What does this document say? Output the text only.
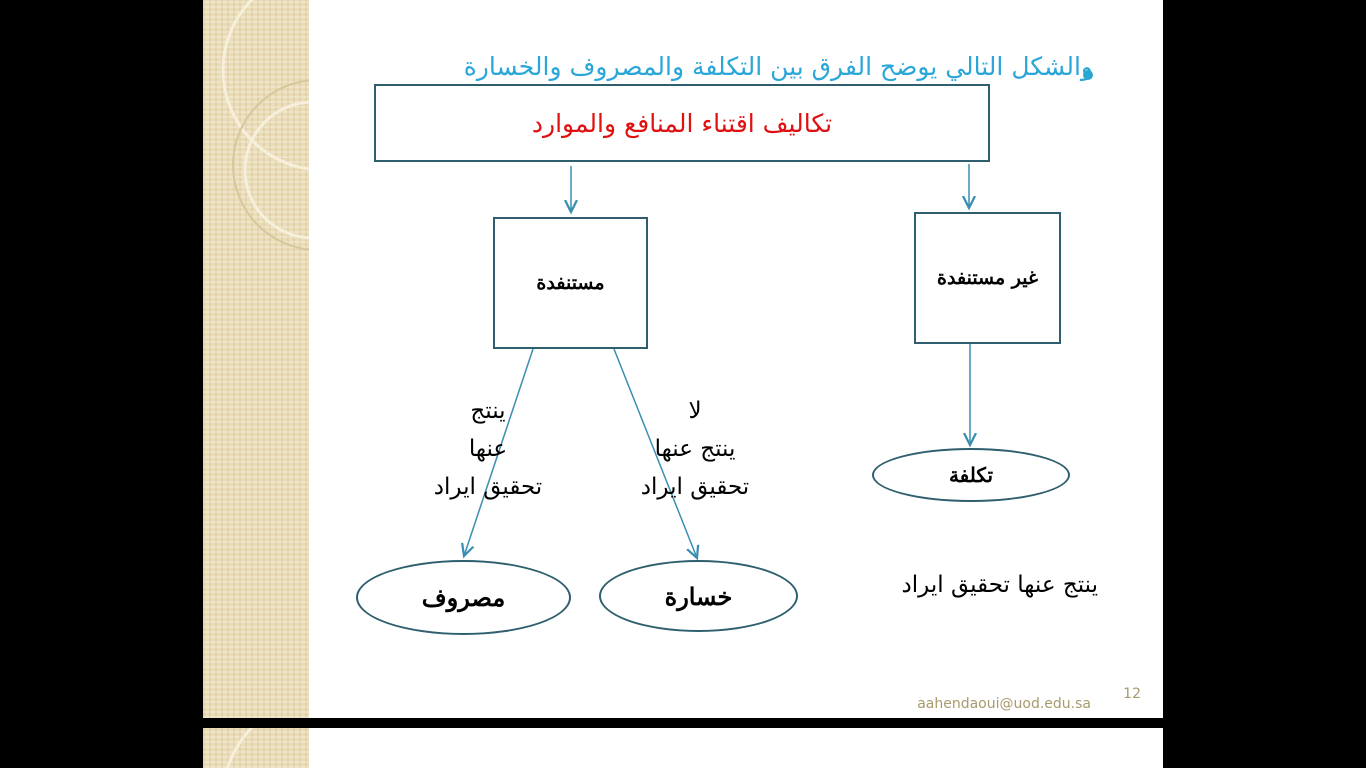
والشكل التالي يوضح الفرق بين التكلفة والمصروف والخسارة
تكاليف اقتناء المنافع والموارد
مستنفدة	غير مستنفدة
ينتج
عنها
تحقيق ايراد
لا
ينتج عنها
تحقيق ايراد	تكلفة
ينتج عنها تحقيق ايراد
مصروف	خسارة
aahendaoui@uod.edu.sa
12
